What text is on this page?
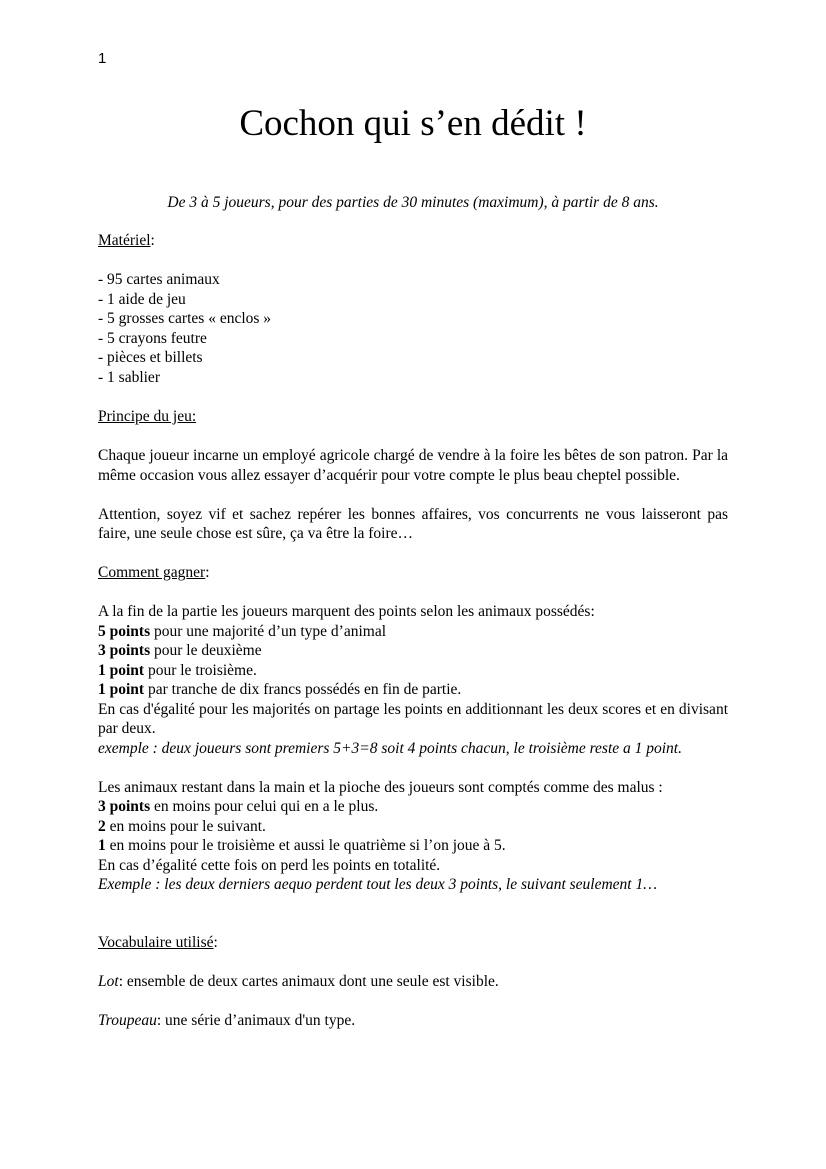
1
Cochon qui s’en dédit !

De 3 à 5 joueurs, pour des parties de 30 minutes (maximum), à partir de 8 ans.

Matériel:
- 95 cartes animaux
- 1 aide de jeu
- 5 grosses cartes « enclos »
- 5 crayons feutre
- pièces et billets
- 1 sablier
Principe du jeu:

Chaque joueur incarne un employé agricole chargé de vendre à la foire les bêtes de son patron. Par la même occasion vous allez essayer d’acquérir pour votre compte le plus beau cheptel possible.

Attention, soyez vif et sachez repérer les bonnes affaires, vos concurrents ne vous laisseront pas faire, une seule chose est sûre, ça va être la foire…

Comment gagner:
A la fin de la partie les joueurs marquent des points selon les animaux possédés:
5 points pour une majorité d’un type d’animal
3 points pour le deuxième
1 point pour le troisième.
1 point par tranche de dix francs possédés en fin de partie.

En cas d'égalité pour les majorités on partage les points en additionnant les deux scores et en divisant par deux.

exemple : deux joueurs sont premiers 5+3=8 soit 4 points chacun, le troisième reste a 1 point.
Les animaux restant dans la main et la pioche des joueurs sont comptés comme des malus :
3 points en moins pour celui qui en a le plus.
2 en moins pour le suivant.
1 en moins pour le troisième et aussi le quatrième si l’on joue à 5.
En cas d’égalité cette fois on perd les points en totalité.
Exemple : les deux derniers aequo perdent tout les deux 3 points, le suivant seulement 1…
Vocabulaire utilisé:
Lot: ensemble de deux cartes animaux dont une seule est visible.
Troupeau: une série d’animaux d'un type.
